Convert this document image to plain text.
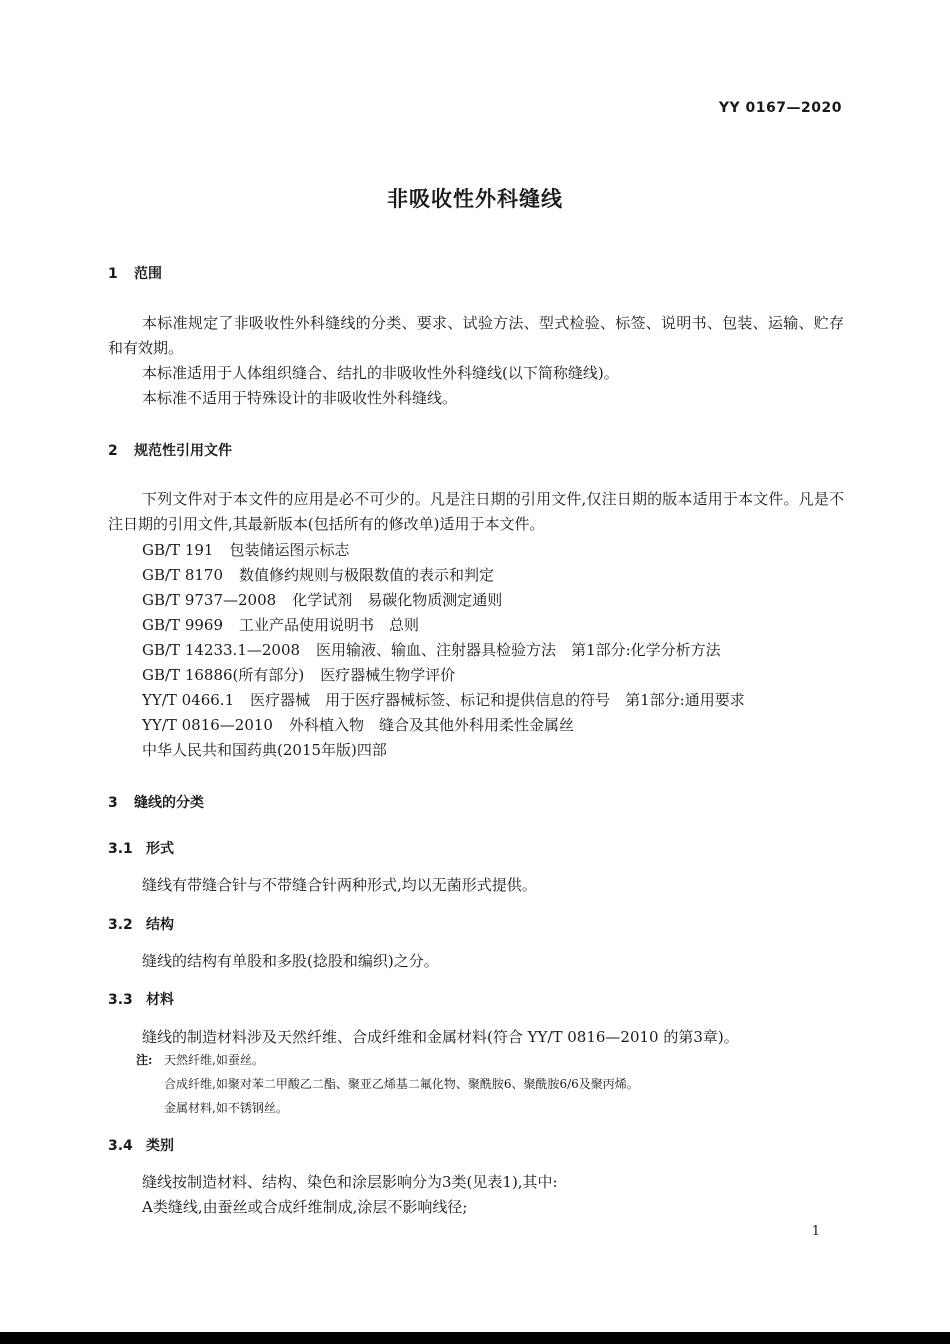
YY 0167—2020
非吸收性外科缝线
1 范围

本标准规定了非吸收性外科缝线的分类、要求、试验方法、型式检验、标签、说明书、包装、运输、贮存和有效期。

本标准适用于人体组织缝合、结扎的非吸收性外科缝线(以下简称缝线)。

本标准不适用于特殊设计的非吸收性外科缝线。

2 规范性引用文件

下列文件对于本文件的应用是必不可少的。凡是注日期的引用文件,仅注日期的版本适用于本文件。凡是不注日期的引用文件,其最新版本(包括所有的修改单)适用于本文件。

GB/T 191 包装储运图示标志
GB/T 8170 数值修约规则与极限数值的表示和判定
GB/T 9737—2008 化学试剂　易碳化物质测定通则
GB/T 9969 工业产品使用说明书　总则
GB/T 14233.1—2008 医用输液、输血、注射器具检验方法　第1部分:化学分析方法
GB/T 16886(所有部分) 医疗器械生物学评价
YY/T 0466.1 医疗器械　用于医疗器械标签、标记和提供信息的符号　第1部分:通用要求
YY/T 0816—2010 外科植入物　缝合及其他外科用柔性金属丝
中华人民共和国药典(2015年版)四部
3 缝线的分类
3.1 形式
缝线有带缝合针与不带缝合针两种形式,均以无菌形式提供。
3.2 结构
缝线的结构有单股和多股(捻股和编织)之分。
3.3 材料
缝线的制造材料涉及天然纤维、合成纤维和金属材料(符合 YY/T 0816—2010 的第3章)。
注: 天然纤维,如蚕丝。
合成纤维,如聚对苯二甲酸乙二酯、聚亚乙烯基二氟化物、聚酰胺6、聚酰胺6/6及聚丙烯。
金属材料,如不锈钢丝。
3.4 类别
缝线按制造材料、结构、染色和涂层影响分为3类(见表1),其中:
A类缝线,由蚕丝或合成纤维制成,涂层不影响线径;
1
